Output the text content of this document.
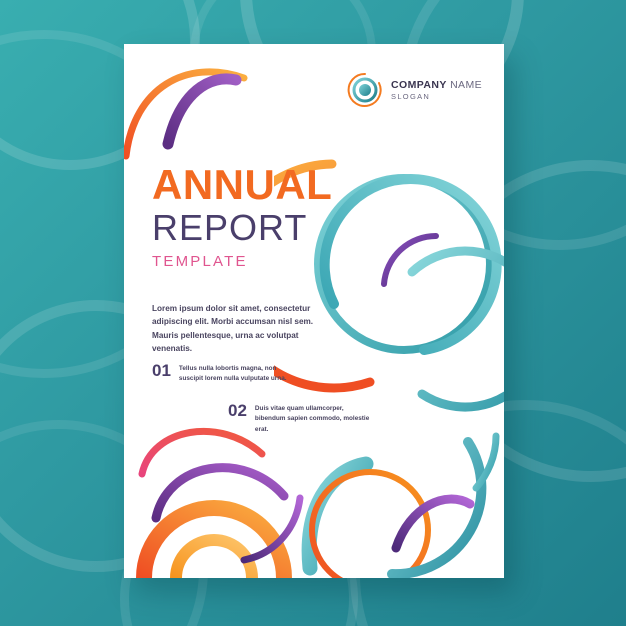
COMPANY NAME
SLOGAN
ANNUAL
REPORT
TEMPLATE

Lorem ipsum dolor sit amet, consectetur adipiscing elit. Morbi accumsan nisl sem. Mauris pellentesque, urna ac volutpat venenatis.

01 Tellus nulla lobortis magna, non suscipit lorem nulla vulputate urna.
02 Duis vitae quam ullamcorper, bibendum sapien commodo, molestie erat.
